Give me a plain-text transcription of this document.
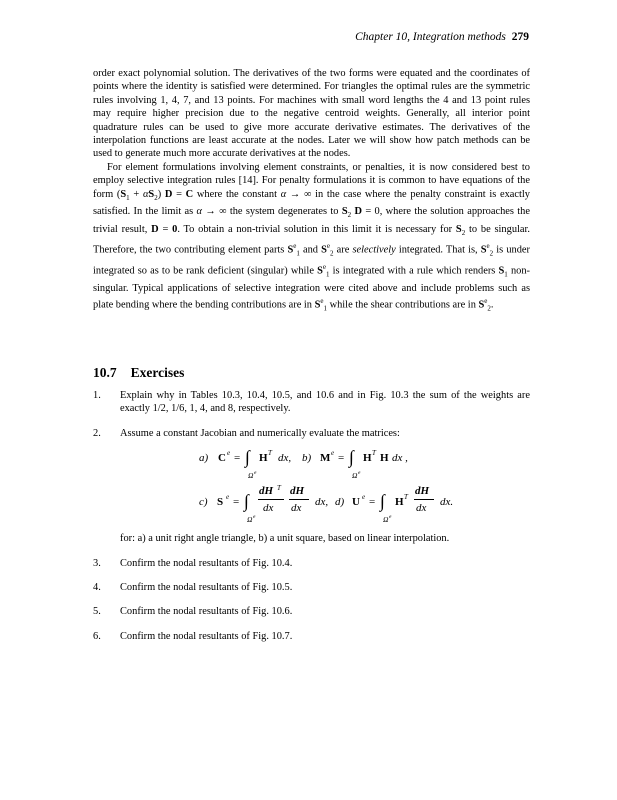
Chapter 10, Integration methods 279

order exact polynomial solution. The derivatives of the two forms were equated and the coordinates of points where the identity is satisfied were determined. For triangles the optimal rules are the symmetric rules involving 1, 4, 7, and 13 points. For machines with small word lengths the 4 and 13 point rules may require higher precision due to the negative centroid weights. Generally, all interior point quadrature rules can be used to give more accurate derivative estimates. The derivatives of the interpolation functions are least accurate at the nodes. Later we will show how patch methods can be used to generate much more accurate derivatives at the nodes.

For element formulations involving element constraints, or penalties, it is now considered best to employ selective integration rules [14]. For penalty formulations it is common to have equations of the form $(S_1 + \alpha S_2) D = C$ where the constant α → ∞ in the case where the penalty constraint is exactly satisfied. In the limit as α → ∞ the system degenerates to $S_2$ D = 0, where the solution approaches the trivial result, D = 0. To obtain a non-trivial solution in this limit it is necessary for $S_2$ to be singular. Therefore, the two contributing element parts $S^e_1$ and $S^e_2$ are selectively integrated. That is, $S^e_2$ is under integrated so as to be rank deficient (singular) while $S^e_1$ is integrated with a rule which renders $S_1$ non-singular. Typical applications of selective integration were cited above and include problems such as plate bending where the bending contributions are in $S^e_1$ while the shear contributions are in $S^e_2$.

10.7 Exercises
1. Explain why in Tables 10.3, 10.4, 10.5, and 10.6 and in Fig. 10.3 the sum of the weights are exactly 1/2, 1/6, 1, 4, and 8, respectively.
2. Assume a constant Jacobian and numerically evaluate the matrices:
a) C e = ∫
Ω e
H T dx, b) M e = ∫
Ω e
H T H dx ,
c) S e = ∫
Ω e
dH T
dx
dH
dx dx, d) U e = ∫
Ω e
H T dH
dx dx.
for: a) a unit right angle triangle, b) a unit square, based on linear interpolation.
3. Confirm the nodal resultants of Fig. 10.4.
4. Confirm the nodal resultants of Fig. 10.5.
5. Confirm the nodal resultants of Fig. 10.6.
6. Confirm the nodal resultants of Fig. 10.7.
